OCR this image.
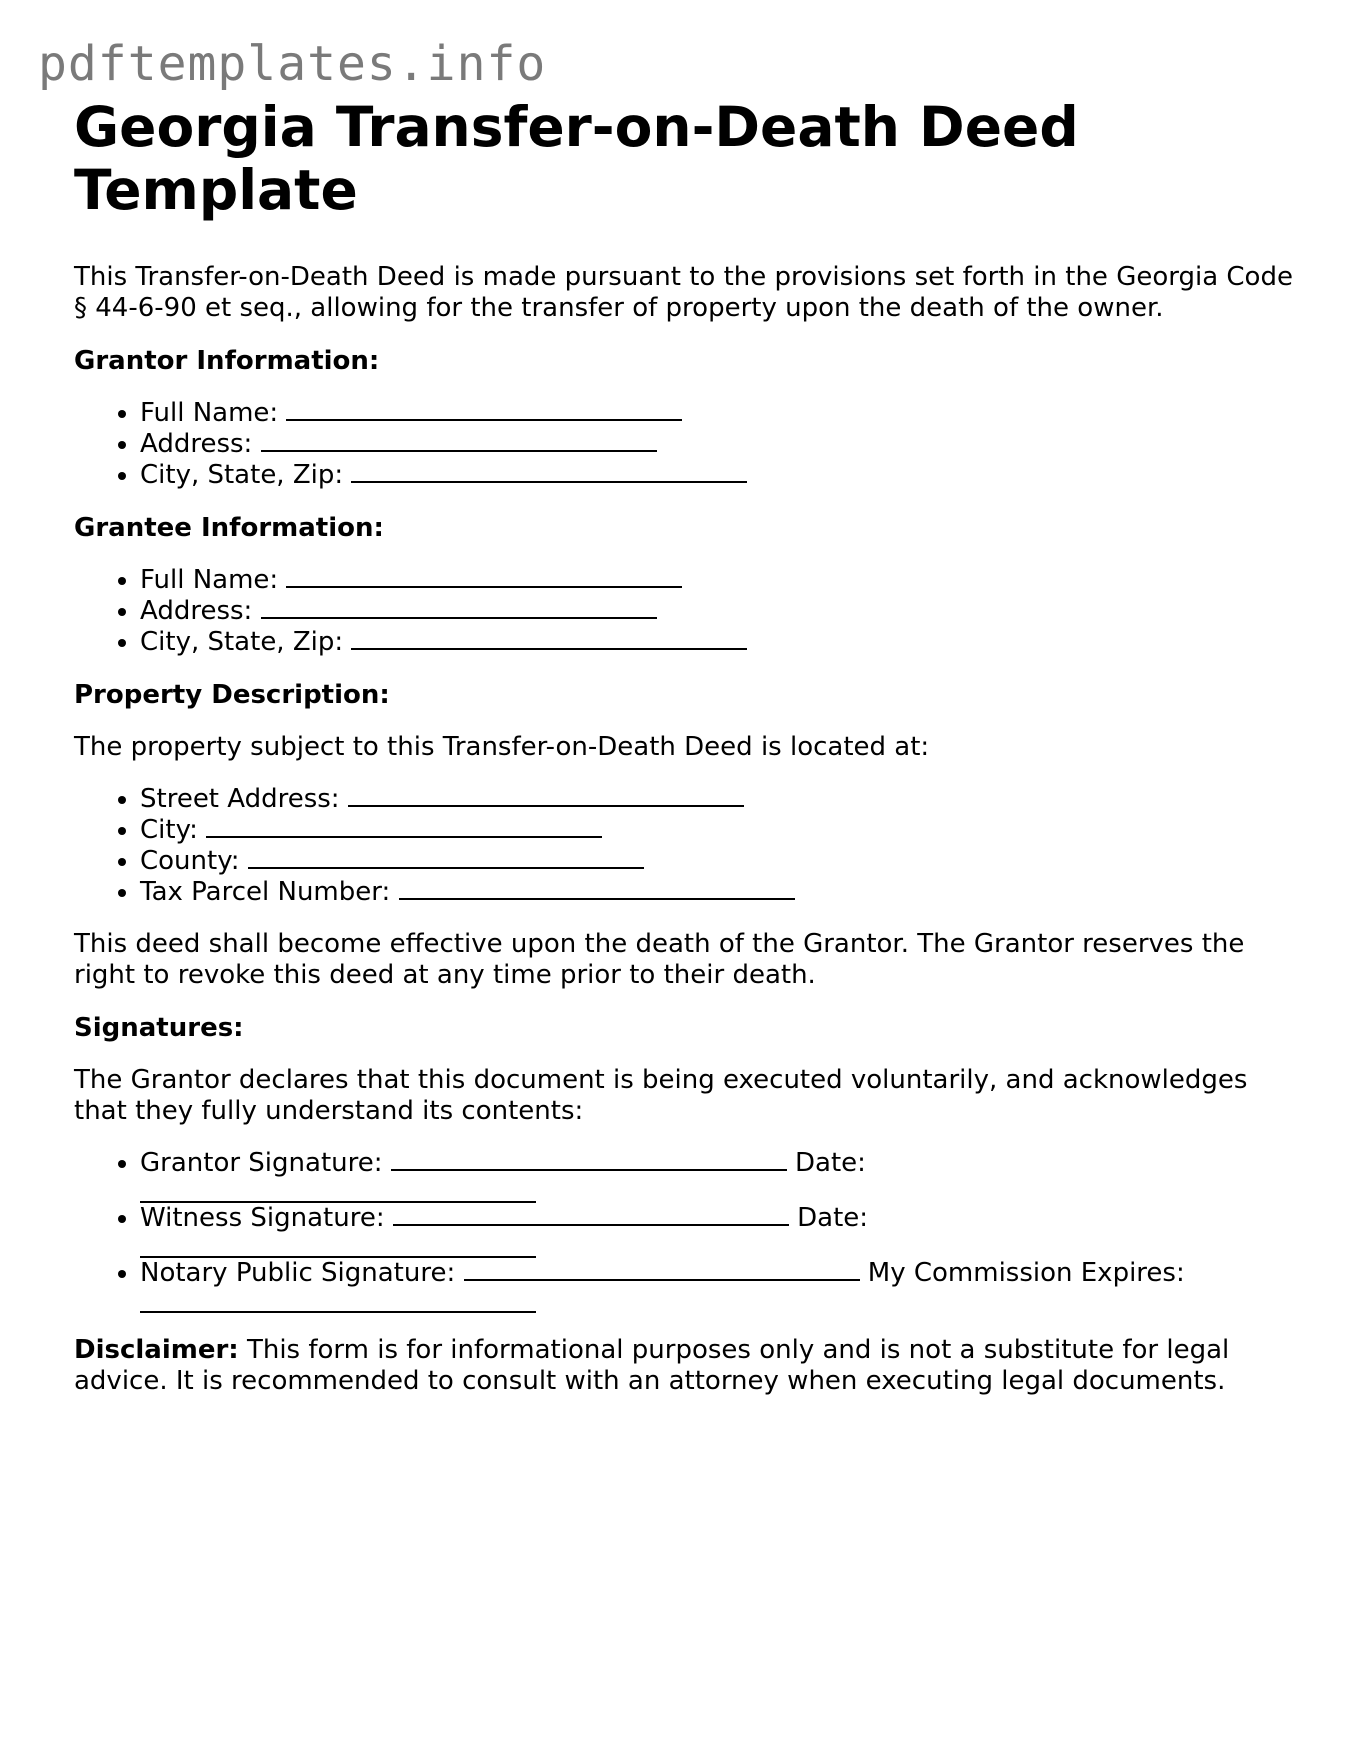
pdftemplates.info
Georgia Transfer-on-Death Deed Template

This Transfer-on-Death Deed is made pursuant to the provisions set forth in the Georgia Code § 44-6-90 et seq., allowing for the transfer of property upon the death of the owner.

Grantor Information:
• Full Name:
• Address:
• City, State, Zip:
Grantee Information:
• Full Name:
• Address:
• City, State, Zip:
Property Description:

The property subject to this Transfer-on-Death Deed is located at:

• Street Address:
• City:
• County:
• Tax Parcel Number:

This deed shall become effective upon the death of the Grantor. The Grantor reserves the right to revoke this deed at any time prior to their death.

Signatures:

The Grantor declares that this document is being executed voluntarily, and acknowledges that they fully understand its contents:

• Grantor Signature:	Date:
• Witness Signature:	Date:
• Notary Public Signature:	My Commission Expires:

Disclaimer: This form is for informational purposes only and is not a substitute for legal advice. It is recommended to consult with an attorney when executing legal documents.
